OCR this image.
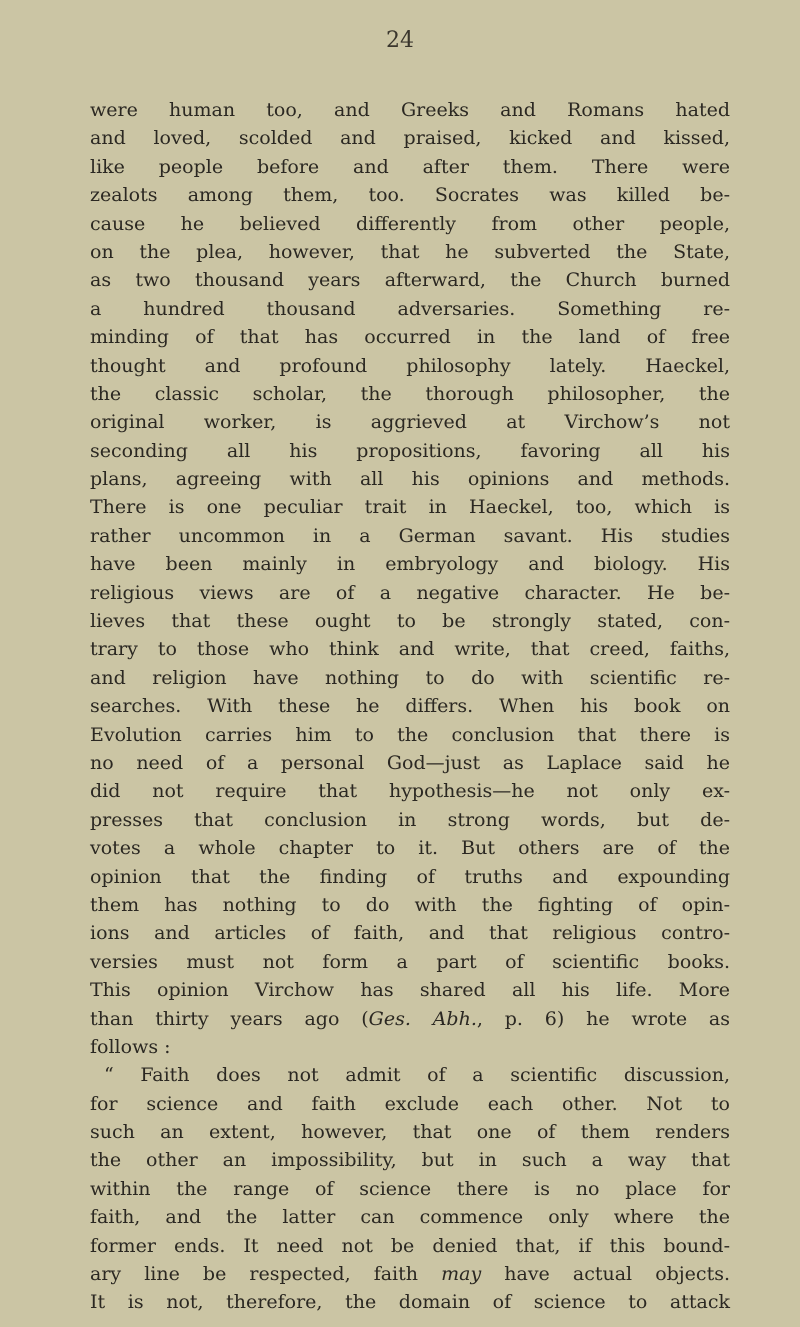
24
were human too, and Greeks and Romans hated
and loved, scolded and praised, kicked and kissed,
like people before and after them. There were
zealots among them, too. Socrates was killed be-
cause he believed differently from other people,
on the plea, however, that he subverted the State,
as two thousand years afterward, the Church burned
a hundred thousand adversaries. Something re-
minding of that has occurred in the land of free
thought and profound philosophy lately. Haeckel,
the classic scholar, the thorough philosopher, the
original worker, is aggrieved at Virchow’s not
seconding all his propositions, favoring all his
plans, agreeing with all his opinions and methods.
There is one peculiar trait in Haeckel, too, which is
rather uncommon in a German savant. His studies
have been mainly in embryology and biology. His
religious views are of a negative character. He be-
lieves that these ought to be strongly stated, con-
trary to those who think and write, that creed, faiths,
and religion have nothing to do with scientific re-
searches. With these he differs. When his book on
Evolution carries him to the conclusion that there is
no need of a personal God—just as Laplace said he
did not require that hypothesis—he not only ex-
presses that conclusion in strong words, but de-
votes a whole chapter to it. But others are of the
opinion that the finding of truths and expounding
them has nothing to do with the fighting of opin-
ions and articles of faith, and that religious contro-
versies must not form a part of scientific books.
This opinion Virchow has shared all his life. More
than thirty years ago (Ges. Abh., p. 6) he wrote as
follows :
“ Faith does not admit of a scientific discussion,
for science and faith exclude each other. Not to
such an extent, however, that one of them renders
the other an impossibility, but in such a way that
within the range of science there is no place for
faith, and the latter can commence only where the
former ends. It need not be denied that, if this bound-
ary line be respected, faith may have actual objects.
It is not, therefore, the domain of science to attack
